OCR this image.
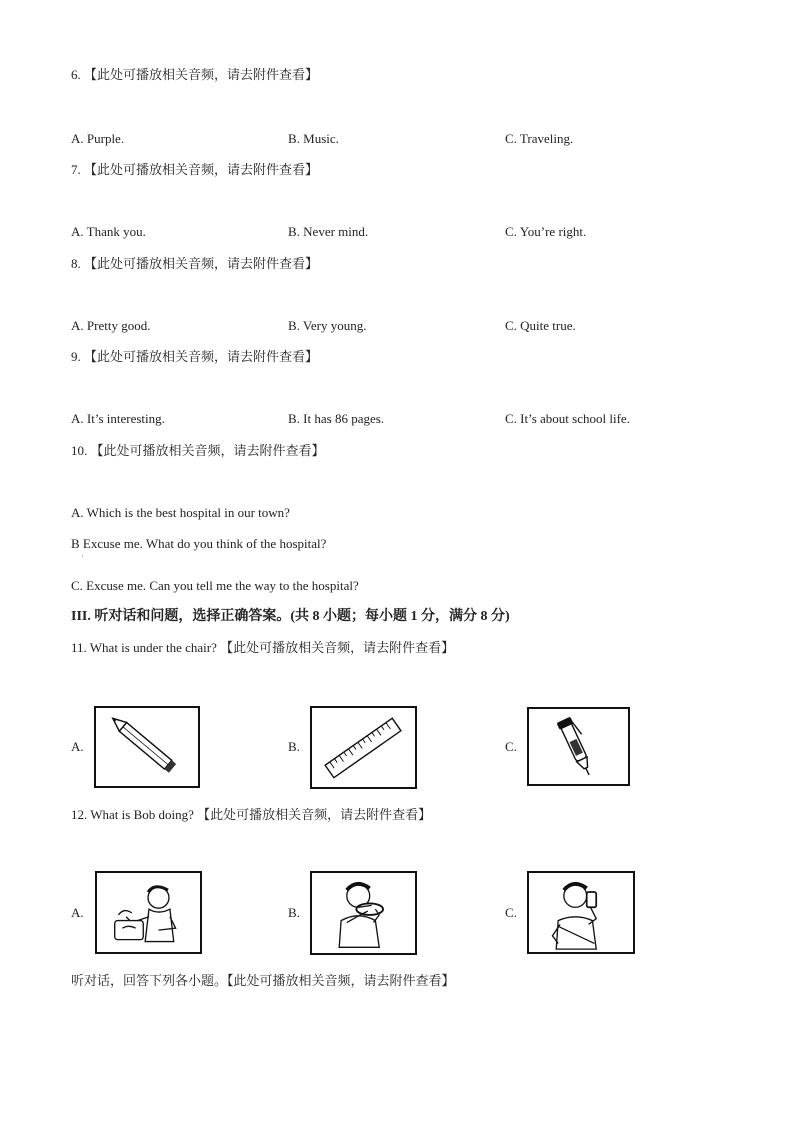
6. 【此处可播放相关音频，请去附件查看】
A. Purple.	B. Music.	C. Traveling.
7. 【此处可播放相关音频，请去附件查看】
A. Thank you.	B. Never mind.	C. You’re right.
8. 【此处可播放相关音频，请去附件查看】
A. Pretty good.	B. Very young.	C. Quite true.
9. 【此处可播放相关音频，请去附件查看】
A. It’s interesting.	B. It has 86 pages.	C. It’s about school life.
10. 【此处可播放相关音频，请去附件查看】
A. Which is the best hospital in our town?
B Excuse me. What do you think of the hospital?
·
C. Excuse me. Can you tell me the way to the hospital?
III. 听对话和问题，选择正确答案。(共 8 小题；每小题 1 分，满分 8 分)
11. What is under the chair? 【此处可播放相关音频，请去附件查看】
A.	B.	C.
12. What is Bob doing? 【此处可播放相关音频，请去附件查看】
A.	B.	C.
听对话，回答下列各小题。【此处可播放相关音频，请去附件查看】
